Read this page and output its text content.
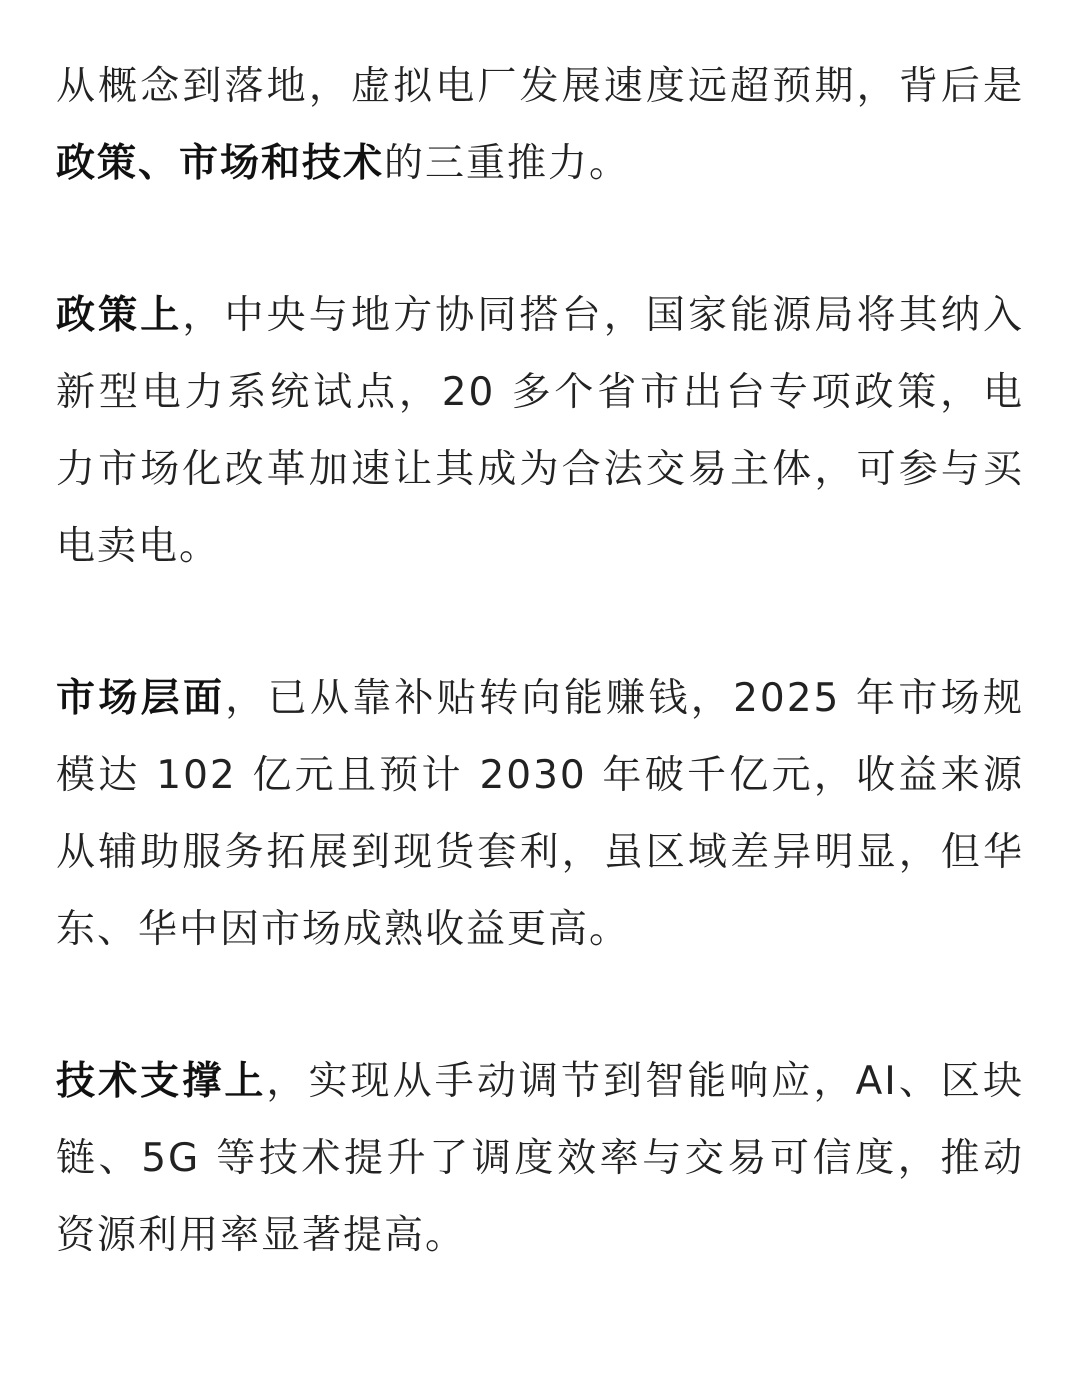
从概念到落地，虚拟电厂发展速度远超预期，背后是政策、市场和技术的三重推力。

政策上，中央与地方协同搭台，国家能源局将其纳入新型电力系统试点，20 多个省市出台专项政策，电力市场化改革加速让其成为合法交易主体，可参与买电卖电。

市场层面，已从靠补贴转向能赚钱，2025 年市场规模达 102 亿元且预计 2030 年破千亿元，收益来源从辅助服务拓展到现货套利，虽区域差异明显，但华东、华中因市场成熟收益更高。

技术支撑上，实现从手动调节到智能响应，AI、区块链、5G 等技术提升了调度效率与交易可信度，推动资源利用率显著提高。
